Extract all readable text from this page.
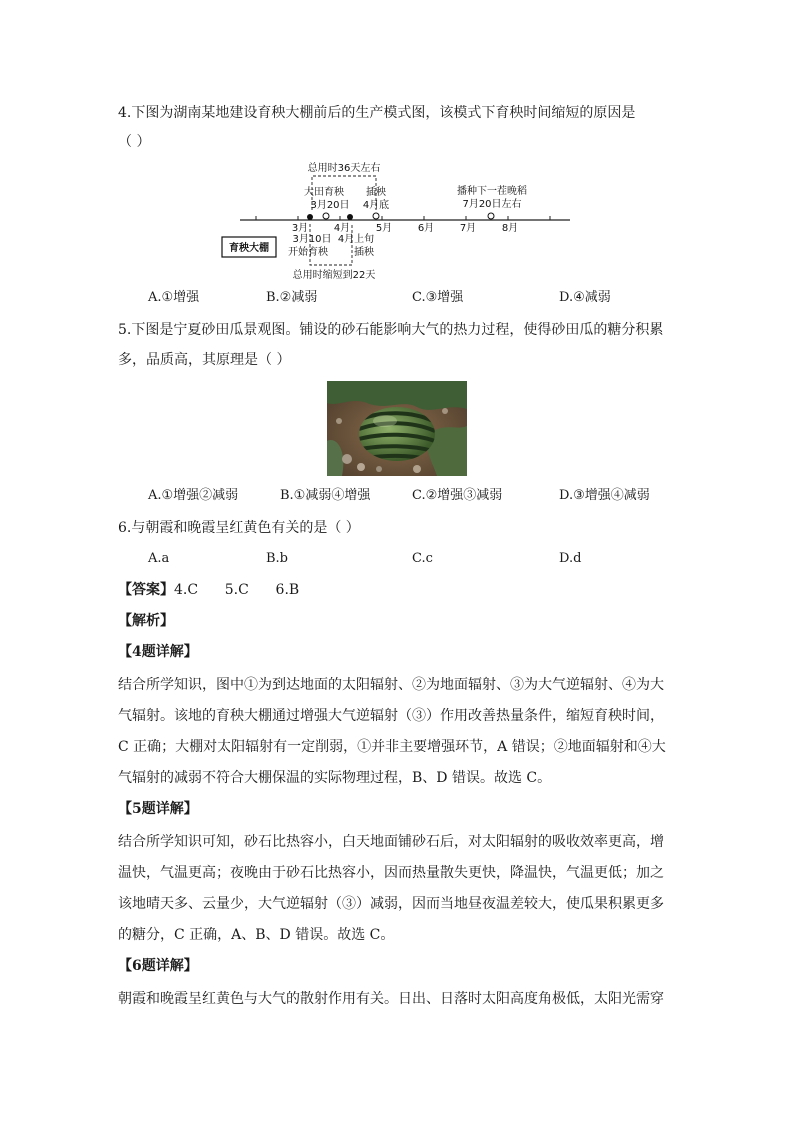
4.下图为湖南某地建设育秧大棚前后的生产模式图，该模式下育秧时间缩短的原因是
（ ）
总用时36天左右
大田育秧
3月20日
插秧
4月底
播种下一茬晚稻
7月20日左右
3月	4月	5月	6月	7月	8月
育秧大棚
3月10日
开始育秧
4月上旬
插秧
总用时缩短到22天
A.①增强	B.②减弱	C.③增强	D.④减弱
5.下图是宁夏砂田瓜景观图。铺设的砂石能影响大气的热力过程，使得砂田瓜的糖分积累
多，品质高，其原理是（ ）
A.①增强②减弱	B.①减弱④增强	C.②增强③减弱	D.③增强④减弱
6.与朝霞和晚霞呈红黄色有关的是（ ）
A.a	B.b	C.c	D.d
【答案】4.C      5.C      6.B
【解析】
【4题详解】
结合所学知识，图中①为到达地面的太阳辐射、②为地面辐射、③为大气逆辐射、④为大
气辐射。该地的育秧大棚通过增强大气逆辐射（③）作用改善热量条件，缩短育秧时间，
C 正确；大棚对太阳辐射有一定削弱，①并非主要增强环节，A 错误；②地面辐射和④大
气辐射的减弱不符合大棚保温的实际物理过程，B、D 错误。故选 C。
【5题详解】
结合所学知识可知，砂石比热容小，白天地面铺砂石后，对太阳辐射的吸收效率更高，增
温快，气温更高；夜晚由于砂石比热容小，因而热量散失更快，降温快，气温更低；加之
该地晴天多、云量少，大气逆辐射（③）减弱，因而当地昼夜温差较大，使瓜果积累更多
的糖分，C 正确，A、B、D 错误。故选 C。
【6题详解】
朝霞和晚霞呈红黄色与大气的散射作用有关。日出、日落时太阳高度角极低，太阳光需穿
